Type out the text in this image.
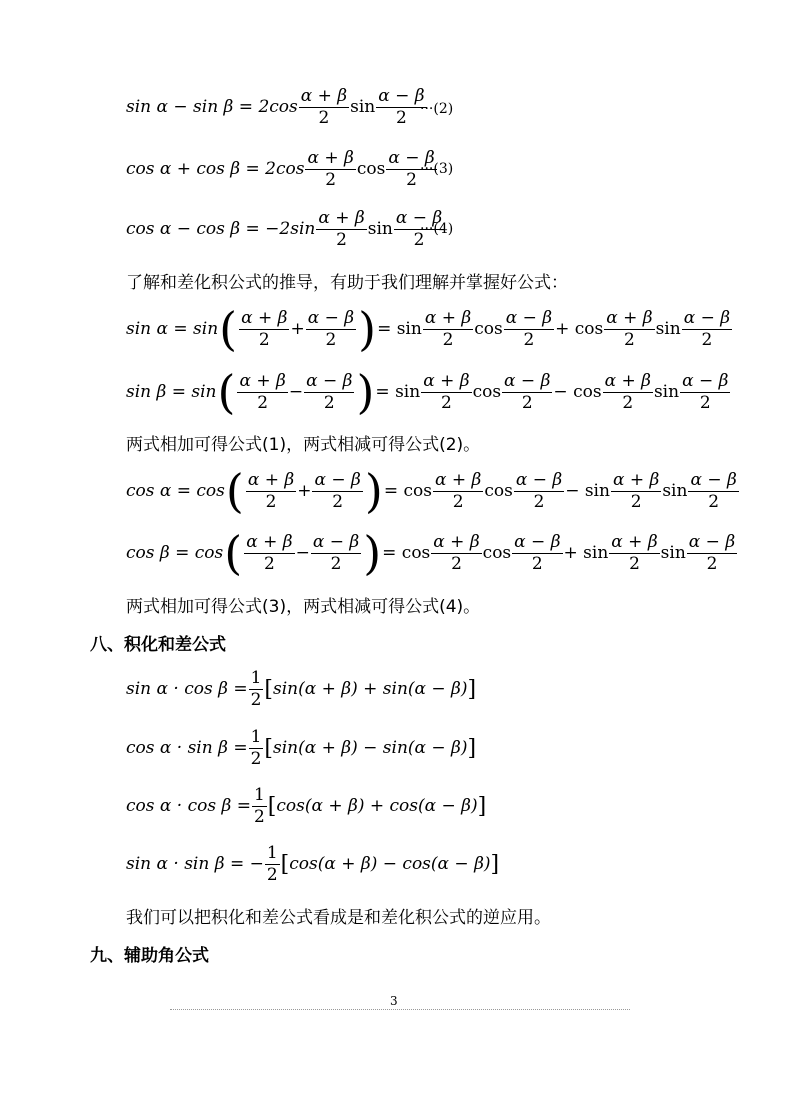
$\sin \alpha - \sin \beta = 2\cos \frac{\alpha + \beta}{2}$ $\sin \frac{\alpha - \beta}{2}$
···(2)
$\cos \alpha + \cos \beta = 2\cos \frac{\alpha + \beta}{2}$ $\cos \frac{\alpha - \beta}{2}$
···(3)
$\cos \alpha - \cos \beta = -2\sin \frac{\alpha + \beta}{2}$ $\sin \frac{\alpha - \beta}{2}$
···(4)
了解和差化积公式的推导，有助于我们理解并掌握好公式：
sin α = sin ( $\frac{\alpha + \beta}{2} + \frac{\alpha - \beta}{2}$ ) = $\sin \frac{\alpha + \beta}{2}$ $\cos \frac{\alpha - \beta}{2} + \cos \frac{\alpha + \beta}{2}$ $\sin \frac{\alpha - \beta}{2}$
sin β = sin ( $\frac{\alpha + \beta}{2} - \frac{\alpha - \beta}{2}$ ) = $\sin \frac{\alpha + \beta}{2}$ $\cos \frac{\alpha - \beta}{2} - \cos \frac{\alpha + \beta}{2}$ $\sin \frac{\alpha - \beta}{2}$
两式相加可得公式(1)，两式相减可得公式(2)。
cos α = cos ( $\frac{\alpha + \beta}{2} + \frac{\alpha - \beta}{2}$ ) = $\cos \frac{\alpha + \beta}{2}$ $\cos \frac{\alpha - \beta}{2} - \sin \frac{\alpha + \beta}{2}$ $\sin \frac{\alpha - \beta}{2}$
cos β = cos ( $\frac{\alpha + \beta}{2} - \frac{\alpha - \beta}{2}$ ) = $\cos \frac{\alpha + \beta}{2}$ $\cos \frac{\alpha - \beta}{2} + \sin \frac{\alpha + \beta}{2}$ $\sin \frac{\alpha - \beta}{2}$
两式相加可得公式(3)，两式相减可得公式(4)。
八、积化和差公式
$\sin \alpha \cdot \cos \beta = \frac{1}{2}$ [ sin(α + β) + sin(α − β) ]
$\cos \alpha \cdot \sin \beta = \frac{1}{2}$ [ sin(α + β) − sin(α − β) ]
$\cos \alpha \cdot \cos \beta = \frac{1}{2}$ [ cos(α + β) + cos(α − β) ]
sin α · sin β = − $\frac{1}{2}$ [ cos(α + β) − cos(α − β) ]
我们可以把积化和差公式看成是和差化积公式的逆应用。
九、辅助角公式
3
